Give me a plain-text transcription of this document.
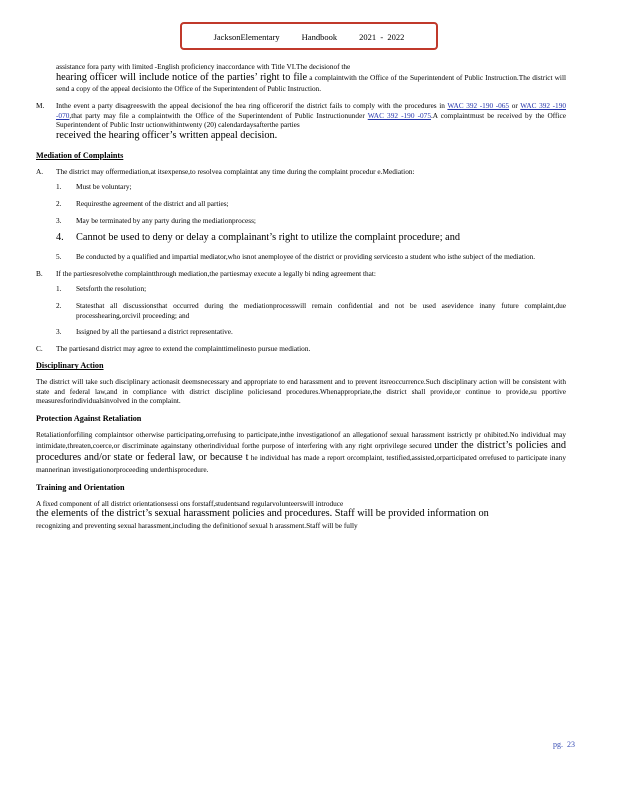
JacksonElementary	Handbook	2021 - 2022
assistance fora party with limited -English proficiency inaccordance with Title VI.The decisionof the
hearing officer will include notice of the parties’ right to file a complaintwith the Office of the Superintendent of Public Instruction.The district will send a copy of the appeal decisionto the Office of the Superintendent of Public Instruction.
M. Inthe event a party disagreeswith the appeal decisionof the hea ring officerorif the district fails to comply with the procedures in WAC 392 -190 -065 or WAC 392 -190 -070,that party may file a complaintwith the Office of the Superintendent of Public Instructionunder WAC 392 -190 -075.A complaintmust be received by the Office Superintendent of Public Instr uctionwithintwenty (20) calendardaysafterthe parties
received the hearing officer’s written appeal decision.
Mediation of Complaints
A. The district may offermediation,at itsexpense,to resolvea complaintat any time during the complaint procedur e.Mediation:
1. Must be voluntary;
2. Requiresthe agreement of the district and all parties;
3. May be terminated by any party during the mediationprocess;
4. Cannot be used to deny or delay a complainant’s right to utilize the complaint procedure; and
5. Be conducted by a qualified and impartial mediator,who isnot anemployee of the district or providing servicesto a student who isthe subject of the mediation.
B. If the partiesresolvethe complaintthrough mediation,the partiesmay execute a legally bi nding agreement that:
1. Setsforth the resolution;
2. Statesthat all discussionsthat occurred during the mediationprocesswill remain confidential and not be used asevidence inany future complaint,due processhearing,orcivil proceeding; and
3. Issigned by all the partiesand a district representative.
C. The partiesand district may agree to extend the complainttimelinesto pursue mediation.
Disciplinary Action
The district will take such disciplinary actionasit deemsnecessary and appropriate to end harassment and to prevent itsreoccurrence.Such disciplinary action will be consistent with state and federal law,and in compliance with district discipline policiesand procedures.Whenappropriate,the district shall provide,or continue to provide,su pportive measuresforindividualsinvolved in the complaint.
Protection Against Retaliation
Retaliationforfiling complaintsor otherwise participating,orrefusing to participate,inthe investigationof an allegationof sexual harassment isstrictly pr ohibited.No individual may intimidate,threaten,coerce,or discriminate againstany otherindividual forthe purpose of interfering with any right orprivilege secured under the district’s policies and procedures and/or state or federal law, or because t he individual has made a report orcomplaint, testified,assisted,orparticipated orrefused to participate inany mannerinan investigationorproceeding underthisprocedure.
Training and Orientation
A fixed component of all district orientationsessi ons forstaff,studentsand regularvolunteerswill introduce
the elements of the district’s sexual harassment policies and procedures. Staff will be provided information on
recognizing and preventing sexual harassment,including the definitionof sexual h arassment.Staff will be fully
pg. 23
